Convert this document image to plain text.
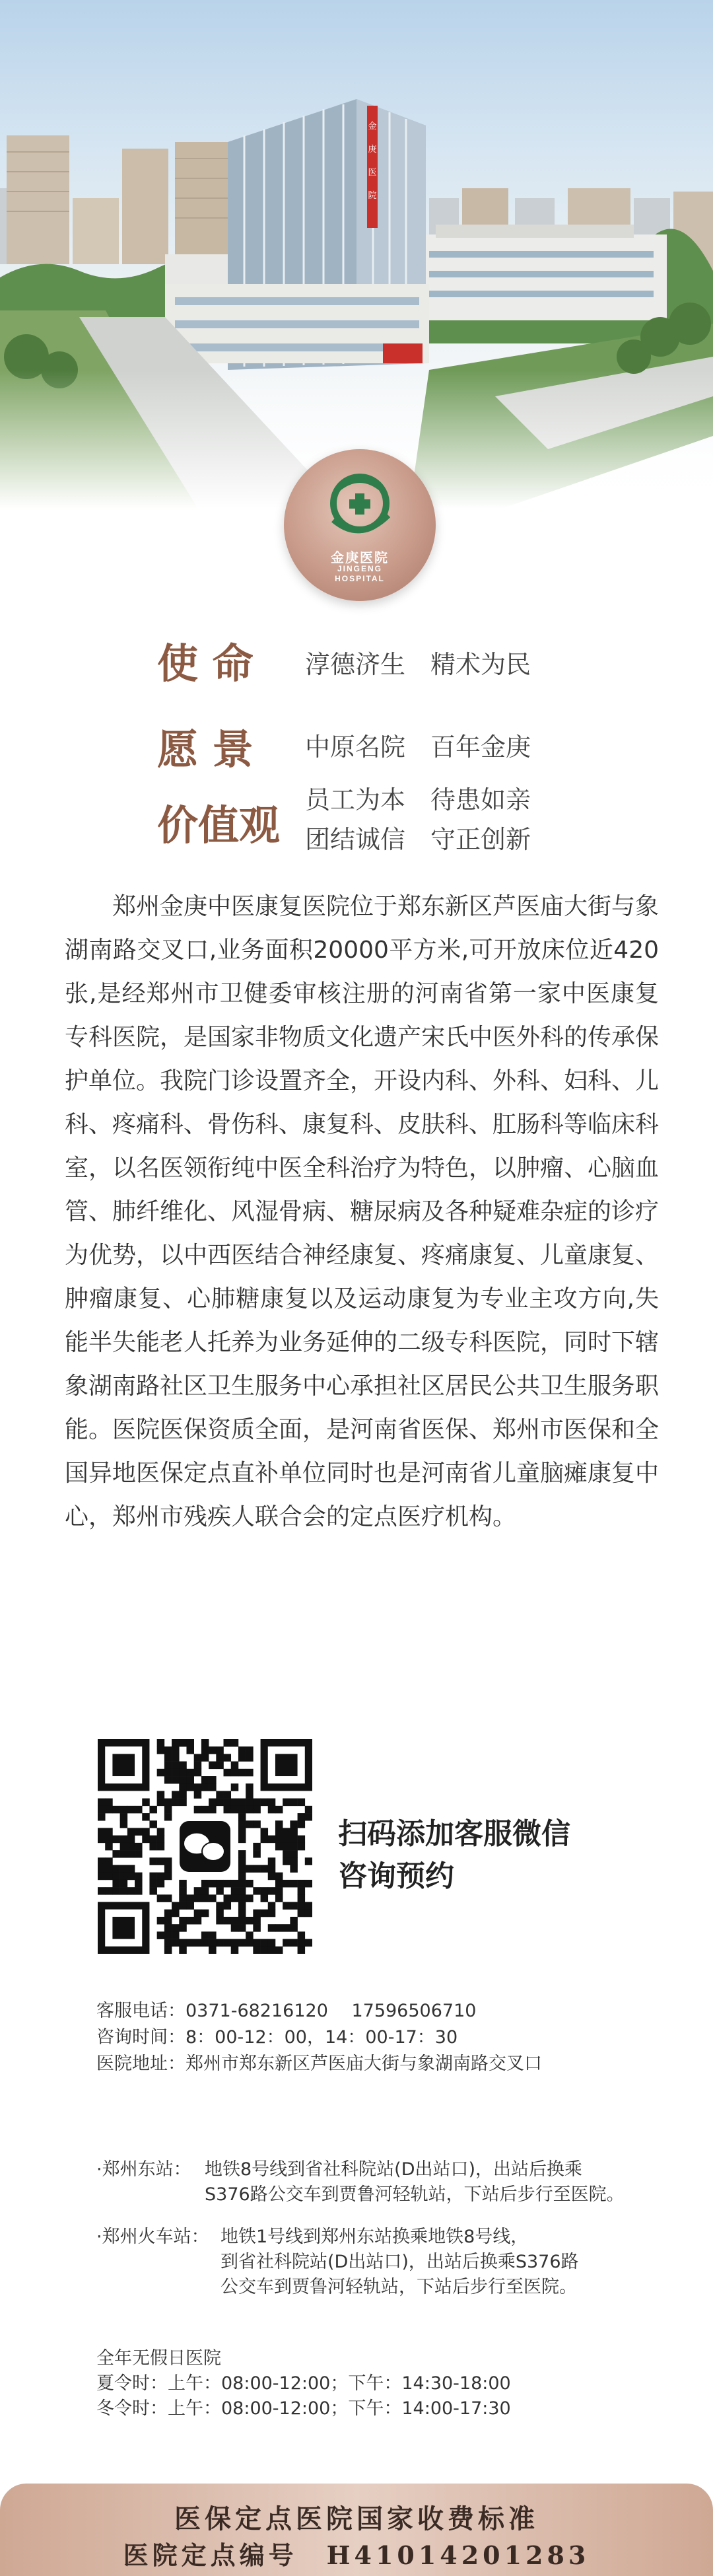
金
庚
医
院
金庚医院
JINGENG
HOSPITAL
使 命 淳德济生　精术为民
愿 景 中原名院　百年金庚
价值观
员工为本　待患如亲
团结诚信　守正创新

郑州金庚中医康复医院位于郑东新区芦医庙大街与象湖南路交叉口,业务面积20000平方米,可开放床位近420张,是经郑州市卫健委审核注册的河南省第一家中医康复专科医院，是国家非物质文化遗产宋氏中医外科的传承保护单位。我院门诊设置齐全，开设内科、外科、妇科、儿科、疼痛科、骨伤科、康复科、皮肤科、肛肠科等临床科室，以名医领衔纯中医全科治疗为特色，以肿瘤、心脑血管、肺纤维化、风湿骨病、糖尿病及各种疑难杂症的诊疗为优势，以中西医结合神经康复、疼痛康复、儿童康复、肿瘤康复、心肺糖康复以及运动康复为专业主攻方向,失能半失能老人托养为业务延伸的二级专科医院，同时下辖象湖南路社区卫生服务中心承担社区居民公共卫生服务职能。医院医保资质全面，是河南省医保、郑州市医保和全国异地医保定点直补单位同时也是河南省儿童脑瘫康复中心，郑州市残疾人联合会的定点医疗机构。

扫码添加客服微信
咨询预约
客服电话：0371-68216120　 17596506710
咨询时间：8：00-12：00，14：00-17：30
医院地址：郑州市郑东新区芦医庙大街与象湖南路交叉口
·郑州东站： 地铁8号线到省社科院站(D出站口)，出站后换乘
S376路公交车到贾鲁河轻轨站，下站后步行至医院。
·郑州火车站： 地铁1号线到郑州东站换乘地铁8号线，
到省社科院站(D出站口)，出站后换乘S376路
公交车到贾鲁河轻轨站，下站后步行至医院。
全年无假日医院
夏令时：上午：08:00-12:00；下午：14:30-18:00
冬令时：上午：08:00-12:00；下午：14:00-17:30
医保定点医院国家收费标准
医院定点编号　H41014201283
